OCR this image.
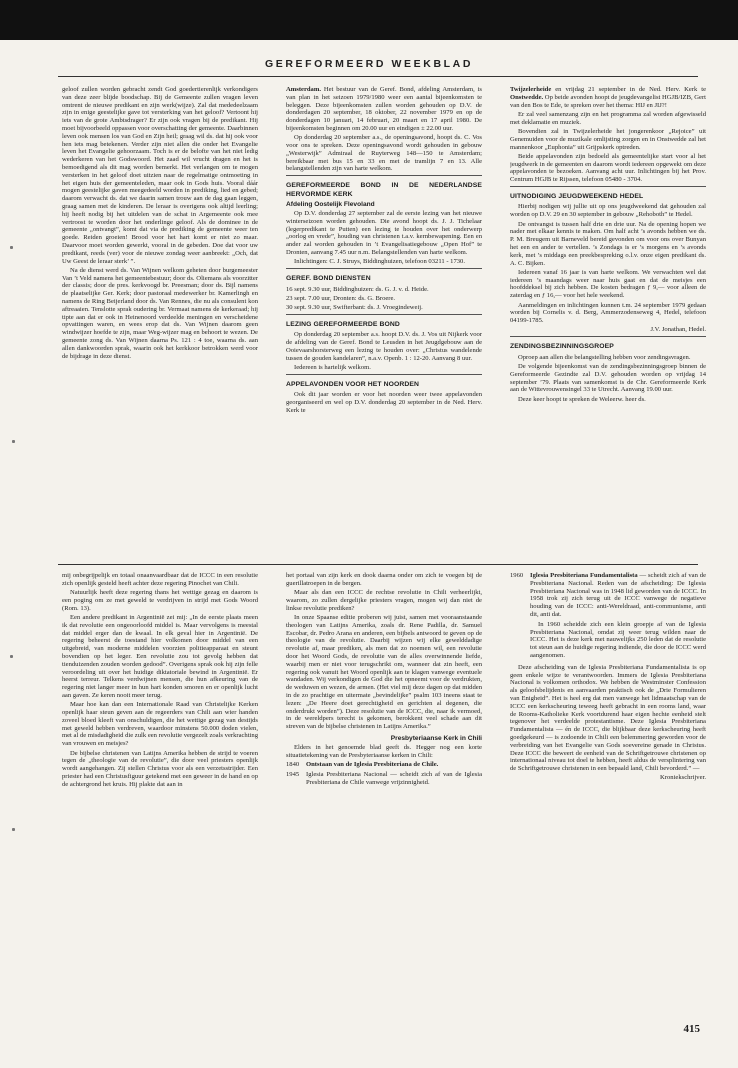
GEREFORMEERD WEEKBLAD

geloof zullen worden gebracht zendt God goedertierenlijk verkondigers van deze zeer blijde boodschap. Bij de Gemeente zullen vragen leven omtrent de nieuwe predikant en zijn werk(wijze). Zal dat mededeelzaam zijn in enige geestelijke gave tot versterking van het geloof? Vertoont hij iets van de grote Ambtsdrager? Er zijn ook vragen bij de predikant. Hij moet bijvoorbeeld oppassen voor overschatting der gemeente. Daarbinnen leven ook mensen los van God en Zijn heil; graag wil ds. dat hij ook voor hen iets mag betekenen. Verder zijn niet allen die onder het Evangelie leven het Evangelie gehoorzaam. Toch is er de belofte van het niet ledig wederkeren van het Godswoord. Het zaad wil vrucht dragen en het is bemoedigend als dit mag worden bemerkt. Het verlangen om te mogen versterken in het geloof doet uitzien naar de regelmatige ontmoeting in het eigen huis der gemeenteleden, maar ook in Gods huis. Vooral dáár mogen geestelijke gaven meegedeeld worden in prediking, lied en gebed; daarom verwacht ds. dat we daarin samen trouw aan de dag gaan leggen, graag samen met de kinderen. De leraar is overigens ook altijd leerling; hij heeft nodig bij het uitdelen van de schat in Argemeente ook mee vertroost te worden door het onderlinge geloof. Als de dominee in de gemeente „ontvangt”, komt dat via de prediking de gemeente weer ten goede. Reiden groeien! Brood voor het hart komt er niet zo maar. Daarvoor moet worden gewerkt, vooral in de gebeden. Doe dat voor uw predikant, reeds (ver) voor de nieuwe zondag weer aanbreekt: „Och, dat Uw Geest de leraar sterk’ ”.

Na de dienst werd ds. Van Wijnen welkom geheten door burgemeester Van ’t Veld namens het gemeentebestuur; door ds. Oliemans als voorzitter der classis; door de pres. kerkvoogd br. Preesman; door ds. Bijl namens de plaatselijke Ger. Kerk; door pastoraal medewerker br. Kamerlingh en namens de Ring Beijerland door ds. Van Rennes, die nu als consulent kon aftreaaien. Tenslotte sprak oudering br. Vermaat namens de kerkeraad; hij tipte aan dat er ook in Heinenoord verdeelde meningen en verscheidene opvattingen waren, en wees erop dat ds. Van Wijnen daarom geen windwijzer hoefde te zijn, maar Weg-wijzer mag en behoort te wezen. De gemeente zong ds. Van Wijnen daarna Ps. 121 : 4 toe, waarna ds. aan allen dankwoorden sprak, waarin ook het kerkkoor betrokken werd voor de bijdrage in deze dienst.

Amsterdam. Het bestuur van de Geref. Bond, afdeling Amsterdam, is van plan in het seizoen 1979/1980 weer een aantal bijeenkomsten te beleggen. Deze bijeenkomsten zullen worden gehouden op D.V. de donderdagen 20 september, 18 oktober, 22 november 1979 en op de donderdagen 10 januari, 14 februari, 20 maart en 17 april 1980. De bijeenkomsten beginnen om 20.00 uur en eindigen ± 22.00 uur.

Op donderdag 20 september a.s., de openingsavond, hoopt ds. C. Vos voor ons te spreken. Deze openingsavond wordt gehouden in gebouw „Westerwijk” Admiraal de Ruyterweg 148—150 te Amsterdam; bereikbaar met bus 15 en 33 en met de tramlijn 7 en 13. Alle belangstellenden zijn van harte welkom.

GEREFORMEERDE BOND IN DE NEDERLANDSE HERVORMDE KERK
Afdeling Oostelijk Flevoland

Op D.V. donderdag 27 september zal de eerste lezing van het nieuwe winterseizoen worden gehouden. Die avond hoopt ds. J. J. Tichelaar (legerpredikant te Putten) een lezing te houden over het onderwerp „oorlog en vrede”, houding van christenen t.a.v. kernbewapening. Een en ander zal worden gehouden in ’t Evangelisatiegebouw „Open Hof” te Dronten, aanvang 7.45 uur n.m. Belangstellenden van harte welkom.

Inlichtingen: C. J. Struys, Biddinghuizen, telefoon 03211 - 1730.

GEREF. BOND DIENSTEN

16 sept. 9.30 uur, Biddinghuizen: ds. G. J. v. d. Heide.

23 sept. 7.00 uur, Dronten: ds. G. Broere.

30 sept. 9.30 uur, Swifterbant: ds. J. Vroegindeweij.

LEZING GEREFORMEERDE BOND

Op donderdag 20 september a.s. hoopt D.V. ds. J. Vos uit Nijkerk voor de afdeling van de Geref. Bond te Leusden in het Jeugdgebouw aan de Ooievaarshorsterweg een lezing te houden over: „Christus wandelende tussen de gouden kandelaren”, n.a.v. Openb. 1 : 12-20. Aanvang 8 uur.

Iedereen is hartelijk welkom.

APPELAVONDEN VOOR HET NOORDEN

Ook dit jaar worden er voor het noorden weer twee appelavonden georganiseerd en wel op D.V. donderdag 20 september in de Ned. Herv. Kerk te

Twijzelerheide en vrijdag 21 september in de Ned. Herv. Kerk te Onstwedde. Op beide avonden hoopt de jeugdevangelist HGJB/IZB, Gert van den Bos te Ede, te spreken over het thema: HIJ en JIJ?!

Er zal veel samenzang zijn en het programma zal worden afgewisseld met deklamatie en muziek.

Bovendien zal in Twijzelerheide het jongerenkoor „Rejoice” uit Genemuiden voor de muzikale omlijsting zorgen en in Onstwedde zal het mannenkoor „Euphonia” uit Grijpskerk optreden.

Beide appelavonden zijn bedoeld als gemeentelijke start voor al het jeugdwerk in de gemeenten en daarom wordt iedereen opgewekt om deze appelavonden te bezoeken. Aanvang acht uur. Inlichtingen bij het Prov. Centrum HGJB te Rijssen, telefoon 05480 - 3704.

UITNODIGING JEUGDWEEKEND HEDEL

Hierbij nodigen wij jullie uit op ons jeugdweekend dat gehouden zal worden op D.V. 29 en 30 september in gebouw „Rehoboth” te Hedel.

De ontvangst is tussen half drie en drie uur. Na de opening hopen we nader met elkaar kennis te maken. Om half acht ’s avonds hebben we ds. P. M. Breugem uit Barneveld bereid gevonden om voor ons over Bunyan het een en ander te vertellen. ’s Zondags is er ’s morgens en ’s avonds kerk, met ’s middags een preekbespreking o.l.v. onze eigen predikant ds. A. C. Bijken.

Iedereen vanaf 16 jaar is van harte welkom. We verwachten wel dat iedereen ’s maandags weer naar huis gaat en dat de meisjes een hoofddeksel bij zich hebben. De kosten bedragen ƒ 9,— voor alleen de zaterdag en ƒ 16,— voor het hele weekend.

Aanmeldingen en inlichtingen kunnen t.m. 24 september 1979 gedaan worden bij Cornelis v. d. Berg, Ammerzodenseweg 4, Hedel, telefoon 04199-1785.

J.V. Jonathan, Hedel.

ZENDINGSBEZINNINGSGROEP

Oproep aan allen die belangstelling hebben voor zendingsvragen.

De volgende bijeenkomst van de zendingsbezinningsgroep binnen de Gereformeerde Gezindte zal D.V. gehouden worden op vrijdag 14 september ’79. Plaats van samenkomst is de Chr. Gereformeerde Kerk aan de Wittevrouwensingel 33 te Utrecht. Aanvang 19.00 uur.

Deze keer hoopt te spreken de Weleerw. heer ds.

mij onbegrijpelijk en totaal onaanvaardbaar dat de ICCC in een resolutie zich openlijk gesteld heeft achter deze regering Pinochet van Chili.

Natuurlijk heeft deze regering thans het wettige gezag en daarom is een poging om ze met geweld te verdrijven in strijd met Gods Woord (Rom. 13).

Een andere predikant in Argentinië zei mij: „In de eerste plaats meen ik dat revolutie een ongeoorloofd middel is. Maar vervolgens is meestal dat middel erger dan de kwaal. In elk geval hier in Argentinië. De regering beheerst de toestand hier volkomen door middel van een uitgebreid, van moderne middelen voorzien politieapparaat en steunt bovendien op het leger. Een revolutie zou tot gevolg hebben dat tienduizenden zouden worden gedood”. Overigens sprak ook hij zijn felle veroordeling uit over het huidige diktatoriale bewind in Argentinië. Er heerst terreur. Telkens verdwijnen mensen, die hun afkeuring van de regering niet langer meer in hun hart konden smoren en er openlijk lucht aan gaven. Ze keren nooit meer terug.

Maar hoe kan dan een Internationale Raad van Christelijke Kerken openlijk haar steun geven aan de regeerders van Chili aan wier handen zoveel bloed kleeft van onschuldigen, die het wettige gezag van destijds met geweld hebben verdreven, waardoor minstens 50.000 doden vielen, met al de misdadigheid die zulk een revolutie vergezelt zoals verkrachting van vrouwen en meisjes?

De bijbelse christenen van Latijns Amerika hebben de strijd te voeren tegen de „theologie van de revolutie”, die door veel priesters openlijk wordt aangehangen. Zij stellen Christus voor als een verzetsstrijder. Een priester had een Christusfiguur getekend met een geweer in de hand en op de achtergrond het kruis. Hij plakte dat aan in

het portaal van zijn kerk en dook daarna onder om zich te voegen bij de guerillatroepen in de bergen.

Maar als dan een ICCC de rechtse revolutie in Chili verheerlijkt, waarom, zo zullen dergelijke priesters vragen, mogen wij dan niet de linkse revolutie prediken?

In onze Spaanse editie proberen wij juist, samen met vooraanstaande theologen van Latijns Amerika, zoals dr. Rene Padilla, dr. Samuel Escobar, dr. Pedro Arana en anderen, een bijbels antwoord te geven op de theologie van de revolutie. Daarbij wijzen wij elke gewelddadige revolutie af, maar prediken, als men dat zo noemen wil, een revolutie door het Woord Gods, de revolutie van de alles overwinnende liefde, waarbij men er niet voor terugschrikt om, wanneer dat zin heeft, een regering ook vanuit het Woord openlijk aan te klagen vanwege eventuele wandaden. Wij verkondigen de God die het opneemt voor de verdrukten, de weduwen en wezen, de armen. (Het viel mij deze dagen op dat midden in de zo prachtige en uitermate „bevindelijke” psalm 103 ineens staat te lezen: „De Heere doet gerechtigheid en gerichten al degenen, die onderdrukt worden”). Deze resolutie van de ICCC, die, naar ik vermoed, in de wereldpers terecht is gekomen, berokkent veel schade aan dit streven van de bijbelse christenen in Latijns Amerika.”

Presbyteriaanse Kerk in Chili

Elders in het genoemde blad geeft ds. Hegger nog een korte situatietekening van de Presbyteriaanse kerken in Chili:

1840	Ontstaan van de Iglesia Presbiteriana de Chile.
1945	Iglesia Presbiteriana Nacional — scheidt zich af van de Iglesia Presbiteriana de Chile vanwege vrijzinnigheid.
1960	Iglesia Presbiteriana Fundamentalista — scheidt zich af van de Presbiteriana Nacional. Reden van de afscheiding: De Iglesia Presbiteriana Nacional was in 1948 lid geworden van de ICCC. In 1958 trok zij zich terug uit de ICCC vanwege de negatieve houding van de ICCC: anti-Wereldraad, anti-communisme, anti dit, anti dat.
In 1960 scheidde zich een klein groepje af van de Iglesia Presbiteriana Nacional, omdat zij weer terug wilden naar de ICCC. Het is deze kerk met nauwelijks 250 leden dat de resolutie tot steun aan de huidige regering indiende, die door de ICCC werd aangenomen.

Deze afscheiding van de Iglesia Presbiteriana Fundamentalista is op geen enkele wijze te verantwoorden. Immers de Iglesia Presbiteriana Nacional is volkomen orthodox. We hebben de Westminster Confession als geloofsbelijdenis en aanvaarden praktisch ook de „Drie Formulieren van Enigheid”. Het is heel erg dat men vanwege het lidmaatschap van de ICCC een kerkscheuring teweeg heeft gebracht in een rooms land, waar de Rooms-Katholieke Kerk voortdurend haar eigen hechte eenheid stelt tegenover het verdeelde protestantisme. Deze Iglesia Presbiteriana Fundamentalista — én de ICCC, die blijkbaar deze kerkscheuring heeft goedgekeurd — is zodoende in Chili een belemmering geworden voor de verbreiding van het Evangelie van Gods soevereine genade in Christus. Deze ICCC die beweert de eenheid van de Schriftgetrouwe christenen op internationaal niveau tot doel te hebben, heeft aldus de versplintering van de Schriftgetrouwe christenen in een bepaald land, Chili bevorderd.” —

Kroniekschrijver.

415
